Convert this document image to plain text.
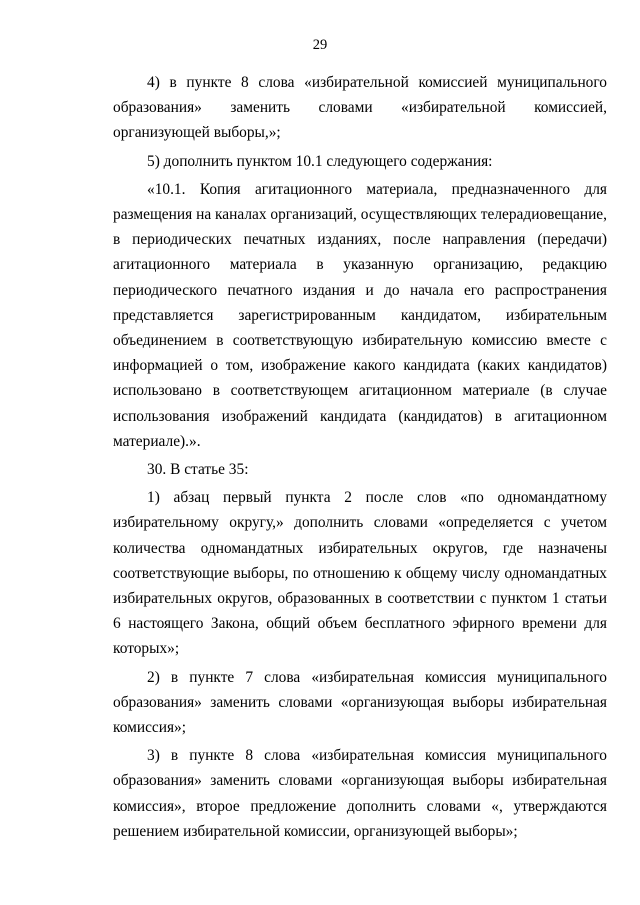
29

4) в пункте 8 слова «избирательной комиссией муниципального образования» заменить словами «избирательной комиссией, организующей выборы,»;

5) дополнить пунктом 10.1 следующего содержания:

«10.1. Копия агитационного материала, предназначенного для размещения на каналах организаций, осуществляющих телерадиовещание, в периодических печатных изданиях, после направления (передачи) агитационного материала в указанную организацию, редакцию периодического печатного издания и до начала его распространения представляется зарегистрированным кандидатом, избирательным объединением в соответствующую избирательную комиссию вместе с информацией о том, изображение какого кандидата (каких кандидатов) использовано в соответствующем агитационном материале (в случае использования изображений кандидата (кандидатов) в агитационном материале).».

30. В статье 35:

1) абзац первый пункта 2 после слов «по одномандатному избирательному округу,» дополнить словами «определяется с учетом количества одномандатных избирательных округов, где назначены соответствующие выборы, по отношению к общему числу одномандатных избирательных округов, образованных в соответствии с пунктом 1 статьи 6 настоящего Закона, общий объем бесплатного эфирного времени для которых»;

2) в пункте 7 слова «избирательная комиссия муниципального образования» заменить словами «организующая выборы избирательная комиссия»;

3) в пункте 8 слова «избирательная комиссия муниципального образования» заменить словами «организующая выборы избирательная комиссия», второе предложение дополнить словами «, утверждаются решением избирательной комиссии, организующей выборы»;
